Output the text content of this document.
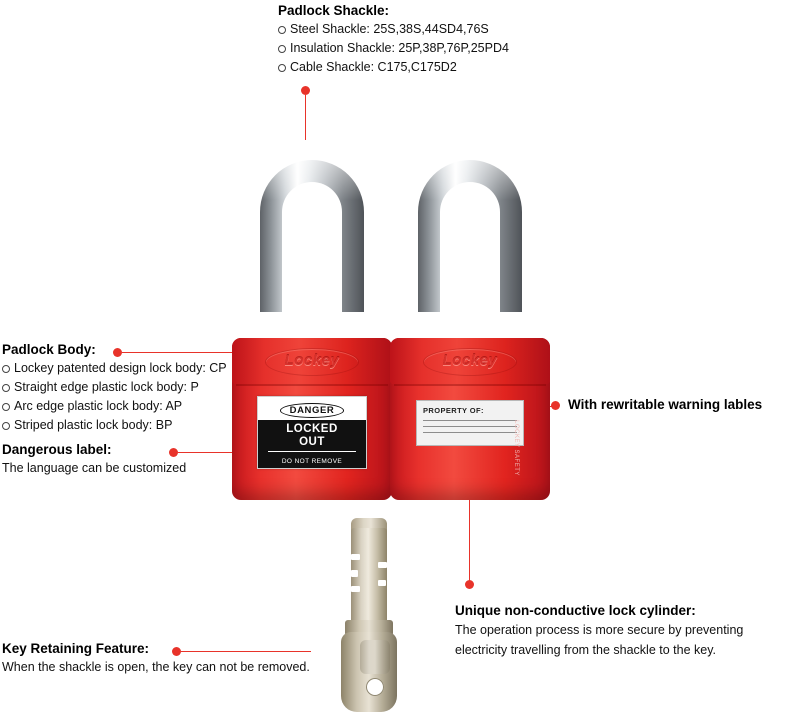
Padlock Shackle:
Steel Shackle: 25S,38S,44SD4,76S
Insulation Shackle: 25P,38P,76P,25PD4
Cable Shackle: C175,C175D2
Padlock Body:
Lockey patented design lock body: CP
Straight edge plastic lock body: P
Arc edge plastic lock body: AP
Striped plastic lock body: BP
Dangerous label:
The language can be customized
With rewritable warning lables
Unique non-conductive lock cylinder:
The operation process is more secure by preventing electricity travelling from the shackle to the key.
Key Retaining Feature:
When the shackle is open, the key can not be removed.
Lockey
DANGER
LOCKED
OUT
DO NOT REMOVE
Lockey
PROPERTY OF:
LOCKEY SAFETY
